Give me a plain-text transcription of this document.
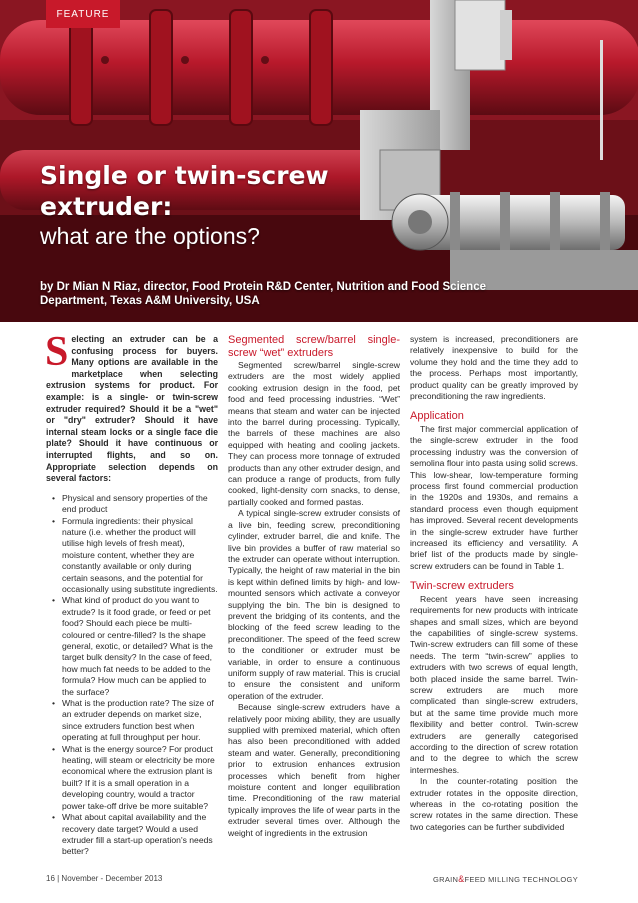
FEATURE
Single or twin-screw extruder:
what are the options?
by Dr Mian N Riaz, director, Food Protein R&D Center, Nutrition and Food Science Department, Texas A&M University, USA

Selecting an extruder can be a confusing process for buyers. Many options are available in the marketplace when selecting extrusion systems for product. For example: is a single- or twin-screw extruder required? Should it be a "wet" or "dry" extruder? Should it have internal steam locks or a single face die plate? Should it have continuous or interrupted flights, and so on. Appropriate selection depends on several factors:

• Physical and sensory properties of the end product
• Formula ingredients: their physical nature (i.e. whether the product will utilise high levels of fresh meat), moisture content, whether they are constantly available or only during certain seasons, and the potential for occasionally using substitute ingredients.
• What kind of product do you want to extrude? Is it food grade, or feed or pet food? Should each piece be multi-coloured or centre-filled? Is the shape general, exotic, or detailed? What is the target bulk density? In the case of feed, how much fat needs to be added to the formula? How much can be applied to the surface?
• What is the production rate? The size of an extruder depends on market size, since extruders function best when operating at full throughput per hour.
• What is the energy source? For product heating, will steam or electricity be more economical where the extrusion plant is built? If it is a small operation in a developing country, would a tractor power take-off drive be more suitable?
• What about capital availability and the recovery date target? Would a used extruder fill a start-up operation's needs better?
Segmented screw/barrel single-screw “wet” extruders

Segmented screw/barrel single-screw extruders are the most widely applied cooking extrusion design in the food, pet food and feed processing industries. “Wet” means that steam and water can be injected into the barrel during processing. Typically, the barrels of these machines are also equipped with heating and cooling jackets. They can process more tonnage of extruded products than any other extruder design, and can produce a range of products, from fully cooked, light-density corn snacks, to dense, partially cooked and formed pastas.

A typical single-screw extruder consists of a live bin, feeding screw, preconditioning cylinder, extruder barrel, die and knife. The live bin provides a buffer of raw material so the extruder can operate without interruption. Typically, the height of raw material in the bin is kept within defined limits by high- and low-mounted sensors which activate a conveyor supplying the bin. The bin is designed to prevent the bridging of its contents, and the blocking of the feed screw leading to the preconditioner. The speed of the feed screw to the conditioner or extruder must be variable, in order to ensure a continuous uniform supply of raw material. This is crucial to ensure the consistent and uniform operation of the extruder.

Because single-screw extruders have a relatively poor mixing ability, they are usually supplied with premixed material, which often has also been preconditioned with added steam and water. Generally, preconditioning prior to extrusion enhances extrusion processes which benefit from higher moisture content and longer equilibration time. Preconditioning of the raw material typically improves the life of wear parts in the extruder several times over. Although the weight of ingredients in the extrusion

system is increased, preconditioners are relatively inexpensive to build for the volume they hold and the time they add to the process. Perhaps most importantly, product quality can be greatly improved by preconditioning the raw ingredients.

Application

The first major commercial application of the single-screw extruder in the food processing industry was the conversion of semolina flour into pasta using solid screws. This low-shear, low-temperature forming process first found commercial production in the 1920s and 1930s, and remains a standard process even though equipment has improved. Several recent developments in the single-screw extruder have further increased its efficiency and versatility. A brief list of the products made by single-screw extruders can be found in Table 1.

Twin-screw extruders

Recent years have seen increasing requirements for new products with intricate shapes and small sizes, which are beyond the capabilities of single-screw systems. Twin-screw extruders can fill some of these needs. The term “twin-screw” applies to extruders with two screws of equal length, both placed inside the same barrel. Twin-screw extruders are much more complicated than single-screw extruders, but at the same time provide much more flexibility and better control. Twin-screw extruders are generally categorised according to the direction of screw rotation and to the degree to which the screw intermeshes.

In the counter-rotating position the extruder rotates in the opposite direction, whereas in the co-rotating position the screw rotates in the same direction. These two categories can be further subdivided

16 | November - December 2013	GRAIN&FEED MILLING TECHNOLOGY
